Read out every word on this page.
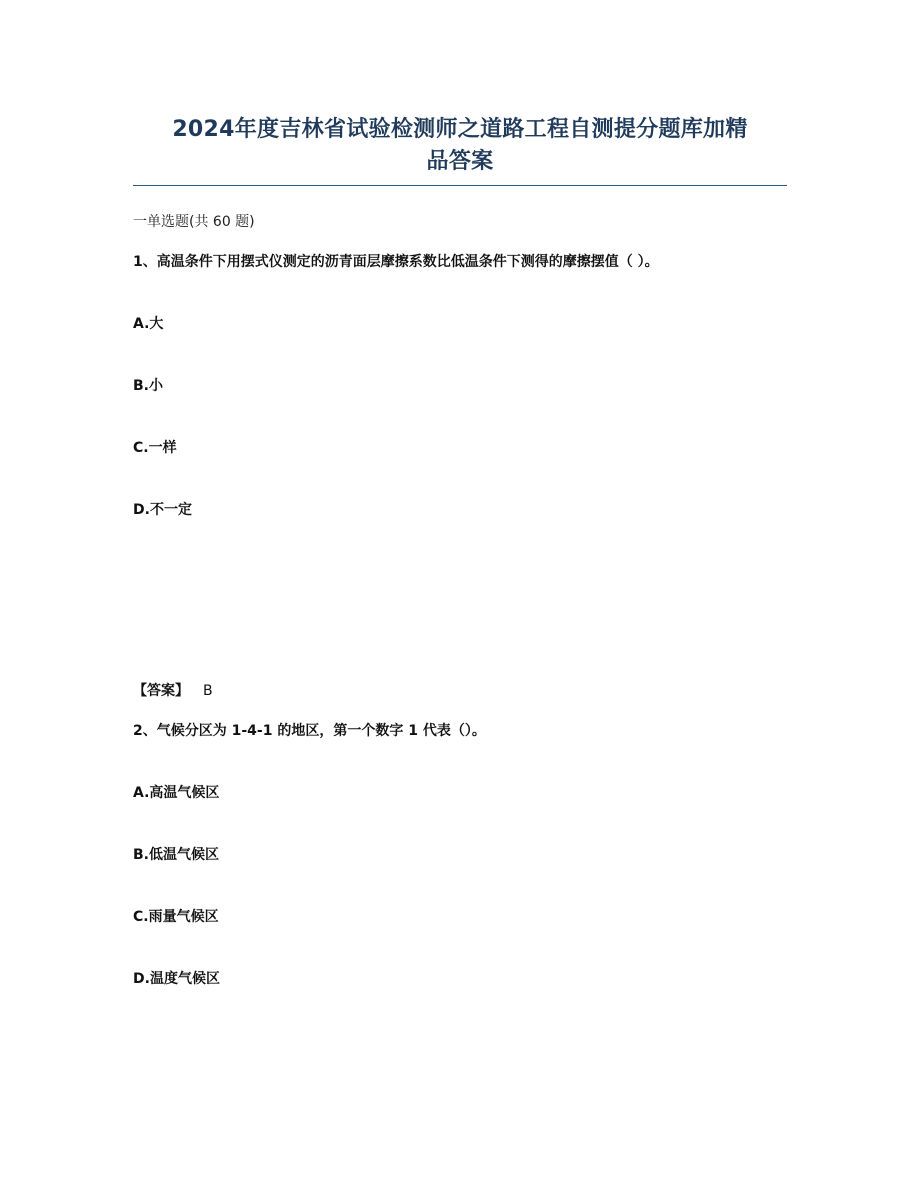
2024年度吉林省试验检测师之道路工程自测提分题库加精
品答案
一单选题(共 60 题)
1、高温条件下用摆式仪测定的沥青面层摩擦系数比低温条件下测得的摩擦摆值（ ）。
A.大
B.小
C.一样
D.不一定
【答案】 B
2、气候分区为 1-4-1 的地区，第一个数字 1 代表（）。
A.高温气候区
B.低温气候区
C.雨量气候区
D.温度气候区
